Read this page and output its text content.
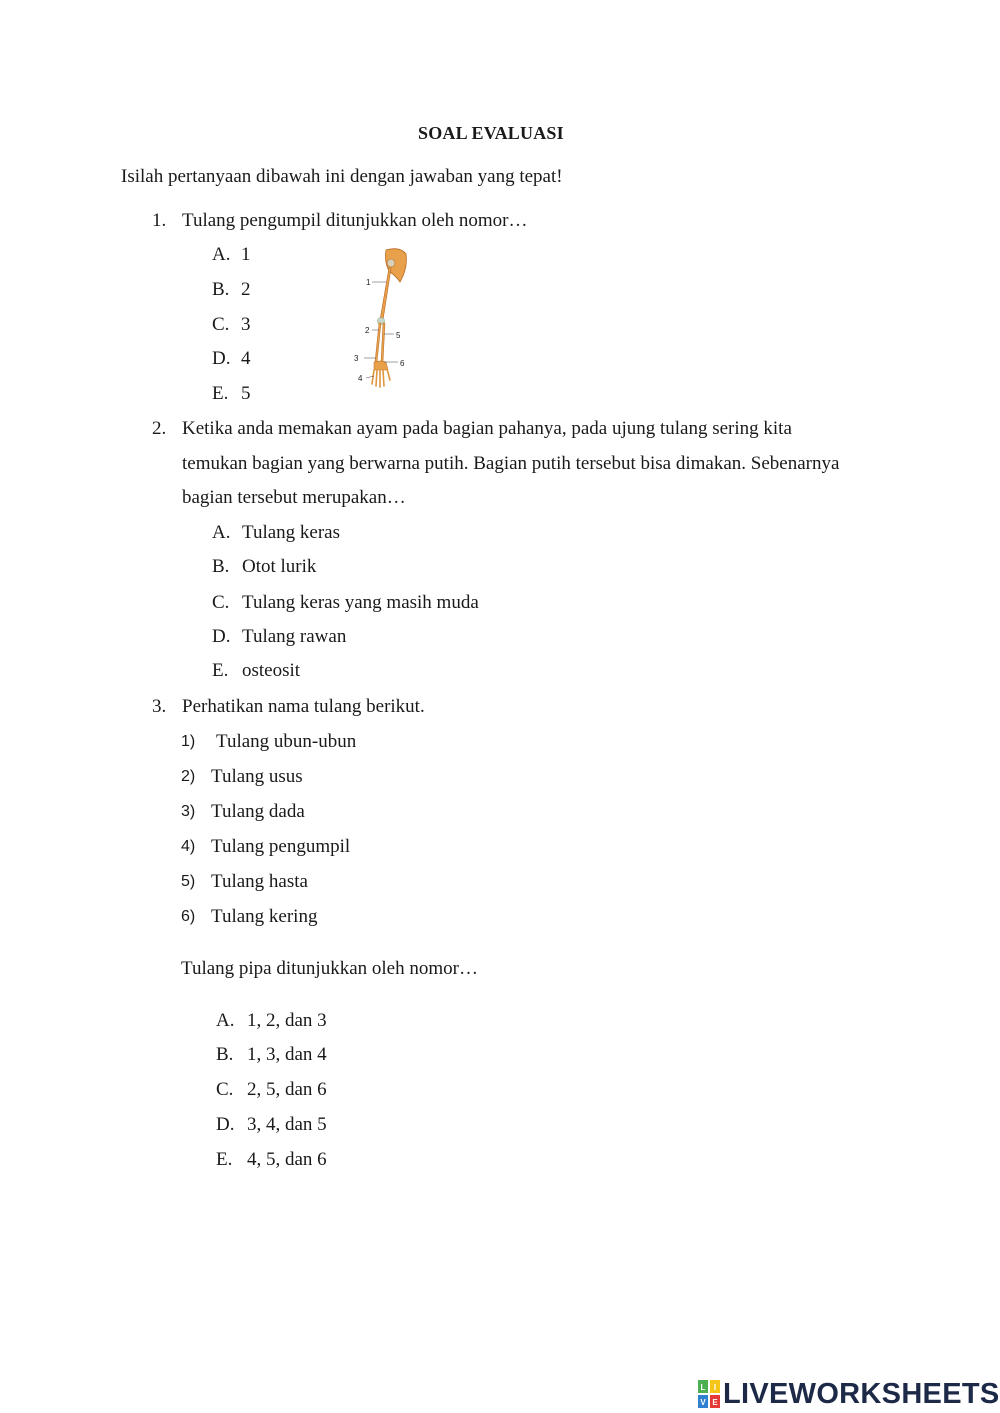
SOAL EVALUASI
Isilah pertanyaan dibawah ini dengan jawaban yang tepat!
1. Tulang pengumpil ditunjukkan oleh nomor…
A. 1
B. 2
C. 3
D. 4
E. 5
1
2
5
3
6
4
2. Ketika anda memakan ayam pada bagian pahanya, pada ujung tulang sering kita
temukan bagian yang berwarna putih. Bagian putih tersebut bisa dimakan. Sebenarnya
bagian tersebut merupakan…
A. Tulang keras
B. Otot lurik
C. Tulang keras yang masih muda
D. Tulang rawan
E. osteosit
3. Perhatikan nama tulang berikut.
1) Tulang ubun-ubun
2) Tulang usus
3) Tulang dada
4) Tulang pengumpil
5) Tulang hasta
6) Tulang kering
Tulang pipa ditunjukkan oleh nomor…
A. 1, 2, dan 3
B. 1, 3, dan 4
C. 2, 5, dan 6
D. 3, 4, dan 5
E. 4, 5, dan 6
L I
V E LIVEWORKSHEETS
